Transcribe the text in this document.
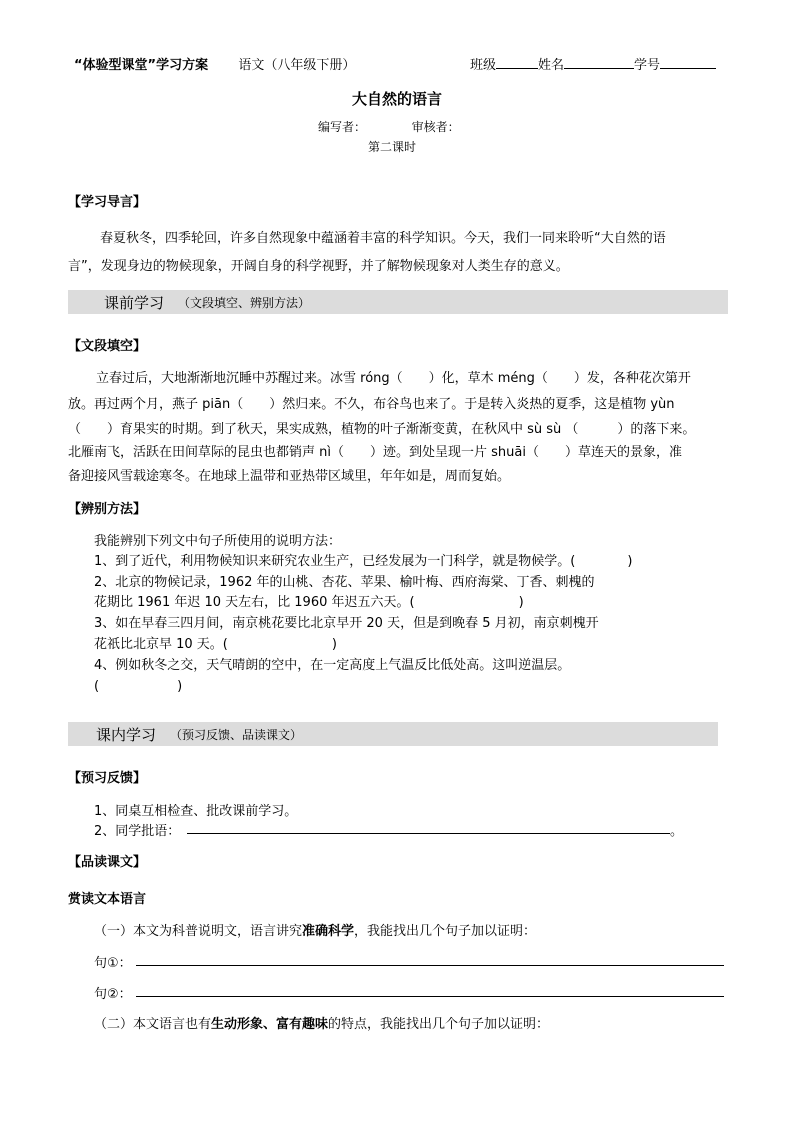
“体验型课堂”学习方案 语文（八年级下册）	班级	姓名	学号
大自然的语言
编写者：	审核者：
第二课时
【学习导言】
春夏秋冬，四季轮回，许多自然现象中蕴涵着丰富的科学知识。今天，我们一同来聆听“大自然的语
言”，发现身边的物候现象，开阔自身的科学视野，并了解物候现象对人类生存的意义。
课前学习 （文段填空、辨别方法）
【文段填空】
立春过后，大地渐渐地沉睡中苏醒过来。冰雪 róng（　　）化，草木 méng（　　）发，各种花次第开
放。再过两个月，燕子 piān（　　）然归来。不久，布谷鸟也来了。于是转入炎热的夏季，这是植物 yùn
（　　）育果实的时期。到了秋天，果实成熟，植物的叶子渐渐变黄，在秋风中 sù sù （　　　）的落下来。
北雁南飞，活跃在田间草际的昆虫也都销声 nì（　　）迹。到处呈现一片 shuāi（　　）草连天的景象，准
备迎接风雪载途寒冬。在地球上温带和亚热带区域里，年年如是，周而复始。
【辨别方法】
我能辨别下列文中句子所使用的说明方法：
1、到了近代，利用物候知识来研究农业生产，已经发展为一门科学，就是物候学。(　　　　)
2、北京的物候记录，1962 年的山桃、杏花、苹果、榆叶梅、西府海棠、丁香、刺槐的
花期比 1961 年迟 10 天左右，比 1960 年迟五六天。(　　　　　　　　)
3、如在早春三四月间，南京桃花要比北京早开 20 天，但是到晚春 5 月初，南京刺槐开
花祇比北京早 10 天。(　　　　　　　　)
4、例如秋冬之交，天气晴朗的空中，在一定高度上气温反比低处高。这叫逆温层。
(　　　　　　)
课内学习 （预习反馈、品读课文）
【预习反馈】
1、同桌互相检查、批改课前学习。
2、同学批语：	。
【品读课文】
赏读文本语言
（一）本文为科普说明文，语言讲究准确科学，我能找出几个句子加以证明：
句①：
句②：
（二）本文语言也有生动形象、富有趣味的特点，我能找出几个句子加以证明：
